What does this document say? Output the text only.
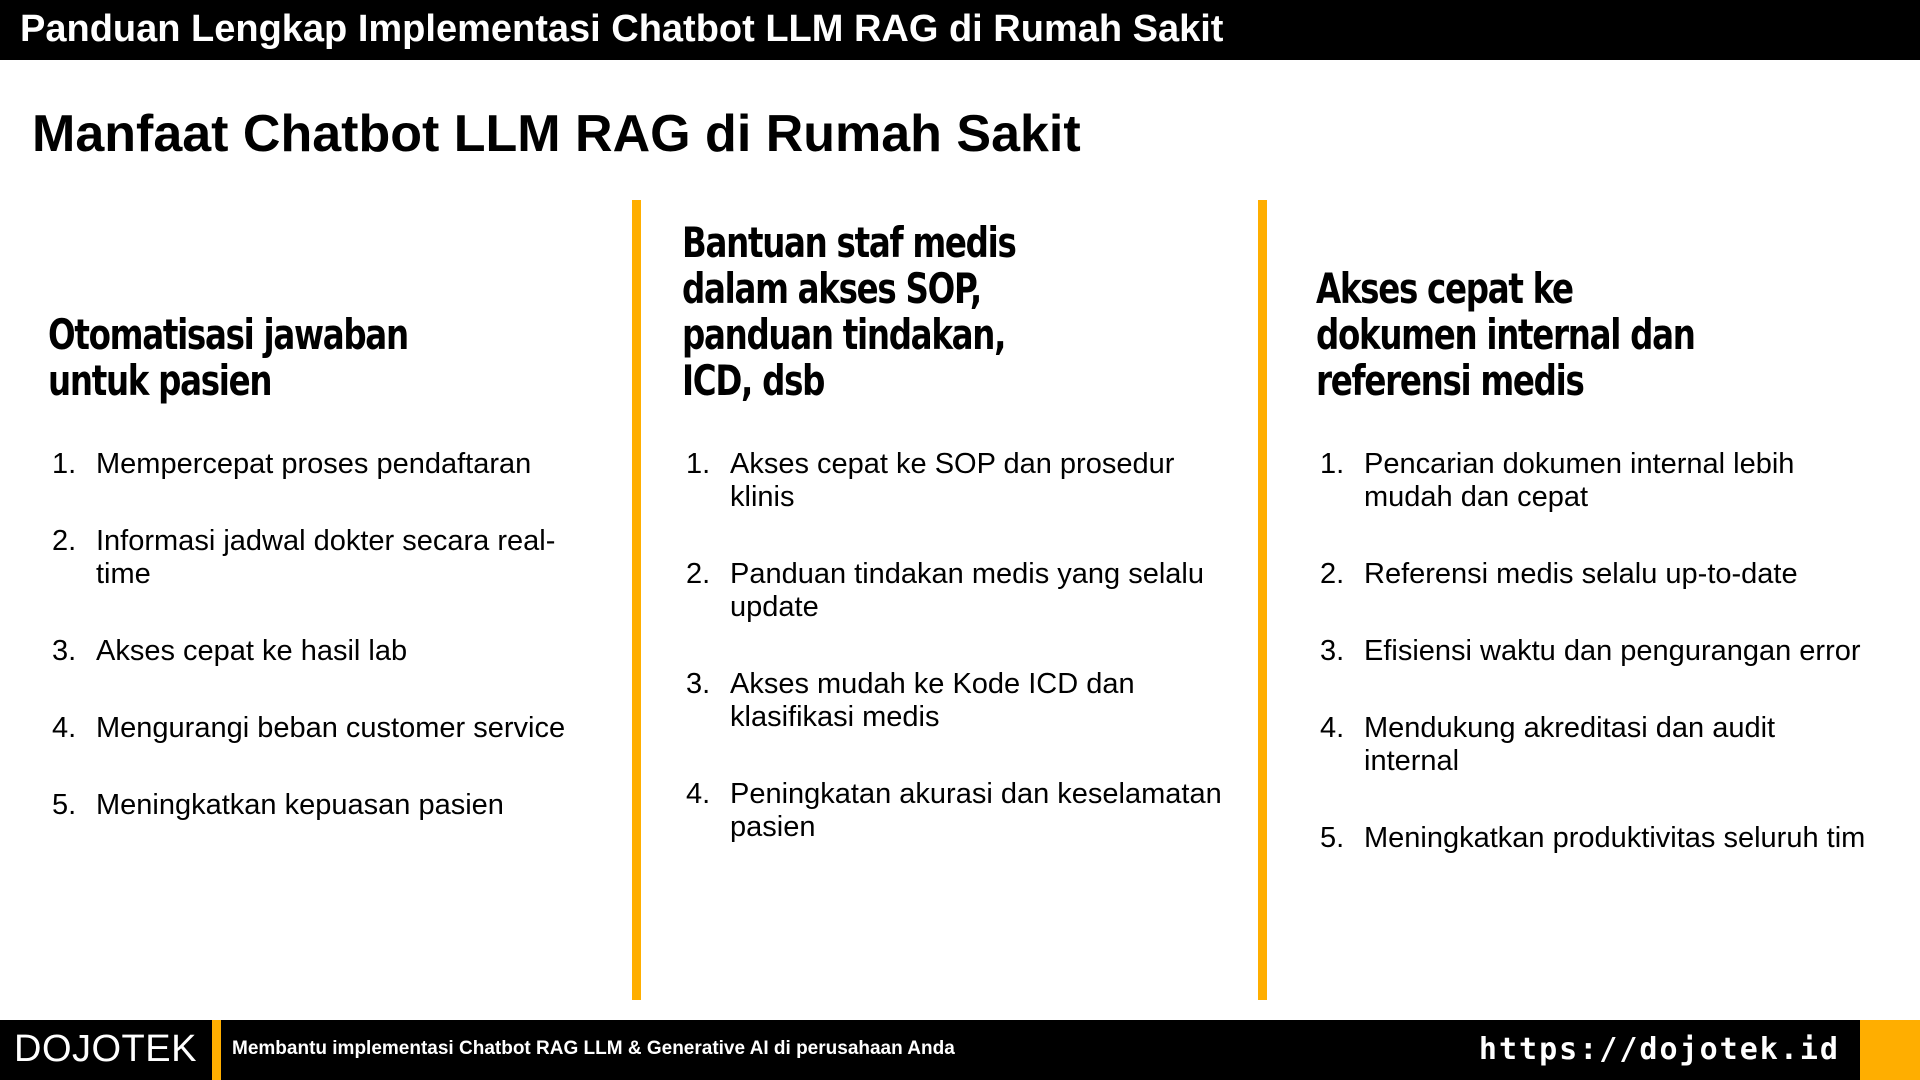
Panduan Lengkap Implementasi Chatbot LLM RAG di Rumah Sakit
Manfaat Chatbot LLM RAG di Rumah Sakit
Otomatisasi jawaban
untuk pasien
1. Mempercepat proses pendaftaran
2. Informasi jadwal dokter secara real-time
3. Akses cepat ke hasil lab
4. Mengurangi beban customer service
5. Meningkatkan kepuasan pasien
Bantuan staf medis
dalam akses SOP,
panduan tindakan,
ICD, dsb
1. Akses cepat ke SOP dan prosedur klinis
2. Panduan tindakan medis yang selalu update
3. Akses mudah ke Kode ICD dan klasifikasi medis
4. Peningkatan akurasi dan keselamatan pasien
Akses cepat ke
dokumen internal dan
referensi medis
1. Pencarian dokumen internal lebih mudah dan cepat
2. Referensi medis selalu up-to-date
3. Efisiensi waktu dan pengurangan error
4. Mendukung akreditasi dan audit internal
5. Meningkatkan produktivitas seluruh tim
DOJOTEK Membantu implementasi Chatbot RAG LLM & Generative AI di perusahaan Anda	https://dojotek.id
